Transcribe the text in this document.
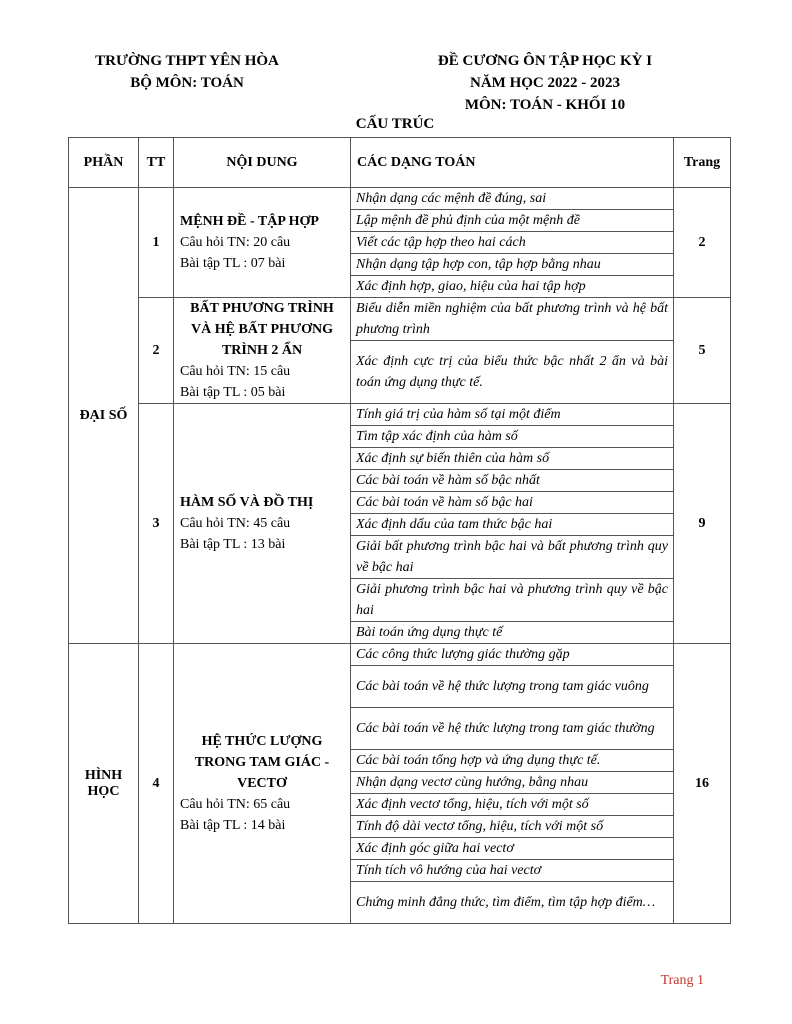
TRƯỜNG THPT YÊN HÒA
BỘ MÔN: TOÁN
ĐỀ CƯƠNG ÔN TẬP HỌC KỲ I
NĂM HỌC 2022 - 2023
MÔN: TOÁN - KHỐI 10
CẤU TRÚC
PHẦN	TT	NỘI DUNG	CÁC DẠNG TOÁN	Trang
ĐẠI SỐ	1	MỆNH ĐỀ - TẬP HỢP
Câu hỏi TN: 20 câu
Bài tập TL : 07 bài	Nhận dạng các mệnh đề đúng, sai	2
			Lập mệnh đề phủ định của một mệnh đề	
			Viết các tập hợp theo hai cách	
			Nhận dạng tập hợp con, tập hợp bằng nhau	
			Xác định hợp, giao, hiệu của hai tập hợp	
	2	BẤT PHƯƠNG TRÌNH VÀ HỆ BẤT PHƯƠNG TRÌNH 2 ẨN
Câu hỏi TN: 15 câu
Bài tập TL : 05 bài	Biểu diễn miền nghiệm của bất phương trình và hệ bất phương trình	5
			Xác định cực trị của biểu thức bậc nhất 2 ẩn và bài toán ứng dụng thực tế.	
	3	HÀM SỐ VÀ ĐỒ THỊ
Câu hỏi TN: 45 câu
Bài tập TL : 13 bài	Tính giá trị của hàm số tại một điểm	9
			Tìm tập xác định của hàm số	
			Xác định sự biến thiên của hàm số	
			Các bài toán về hàm số bậc nhất	
			Các bài toán về hàm số bậc hai	
			Xác định dấu của tam thức bậc hai	
			Giải bất phương trình bậc hai và bất phương trình quy về bậc hai	
			Giải phương trình bậc hai và phương trình quy về bậc hai	
			Bài toán ứng dụng thực tế	
HÌNH HỌC	4	HỆ THỨC LƯỢNG TRONG TAM GIÁC - VECTƠ
Câu hỏi TN: 65 câu
Bài tập TL : 14 bài	Các công thức lượng giác thường gặp	16
			Các bài toán về hệ thức lượng trong tam giác vuông	
			Các bài toán về hệ thức lượng trong tam giác thường	
			Các bài toán tổng hợp và ứng dụng thực tế.	
			Nhận dạng vectơ cùng hướng, bằng nhau	
			Xác định vectơ tổng, hiệu, tích với một số	
			Tính độ dài vectơ tổng, hiệu, tích với một số	
			Xác định góc giữa hai vectơ	
			Tính tích vô hướng của hai vectơ	
			Chứng minh đẳng thức, tìm điểm, tìm tập hợp điểm…	
Trang 1
